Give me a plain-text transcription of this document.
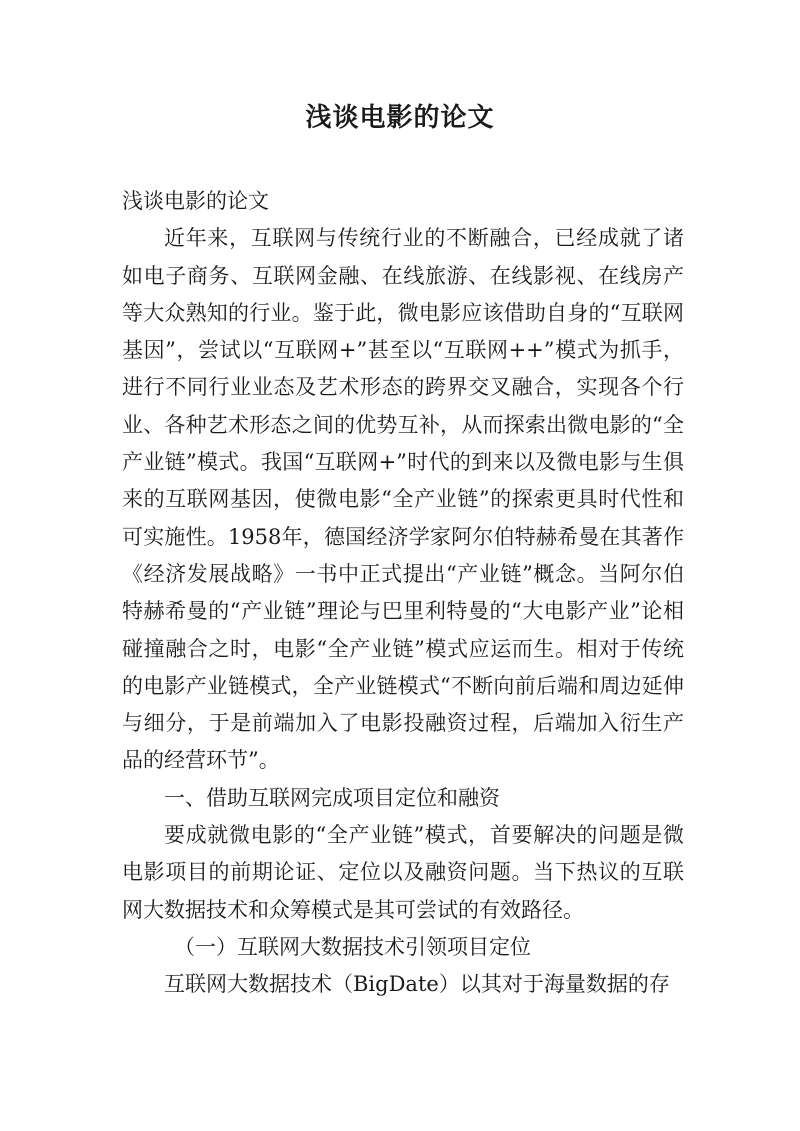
浅谈电影的论文

浅谈电影的论文

近年来，互联网与传统行业的不断融合，已经成就了诸如电子商务、互联网金融、在线旅游、在线影视、在线房产等大众熟知的行业。鉴于此，微电影应该借助自身的“互联网基因”，尝试以“互联网+”甚至以“互联网++”模式为抓手，进行不同行业业态及艺术形态的跨界交叉融合，实现各个行业、各种艺术形态之间的优势互补，从而探索出微电影的“全产业链”模式。我国“互联网+”时代的到来以及微电影与生俱来的互联网基因，使微电影“全产业链”的探索更具时代性和可实施性。1958年，德国经济学家阿尔伯特赫希曼在其著作《经济发展战略》一书中正式提出“产业链”概念。当阿尔伯特赫希曼的“产业链”理论与巴里利特曼的“大电影产业”论相碰撞融合之时，电影“全产业链”模式应运而生。相对于传统的电影产业链模式，全产业链模式“不断向前后端和周边延伸与细分，于是前端加入了电影投融资过程，后端加入衍生产品的经营环节”。

一、借助互联网完成项目定位和融资

要成就微电影的“全产业链”模式，首要解决的问题是微电影项目的前期论证、定位以及融资问题。当下热议的互联网大数据技术和众筹模式是其可尝试的有效路径。

（一）互联网大数据技术引领项目定位

互联网大数据技术（BigDate）以其对于海量数据的存
